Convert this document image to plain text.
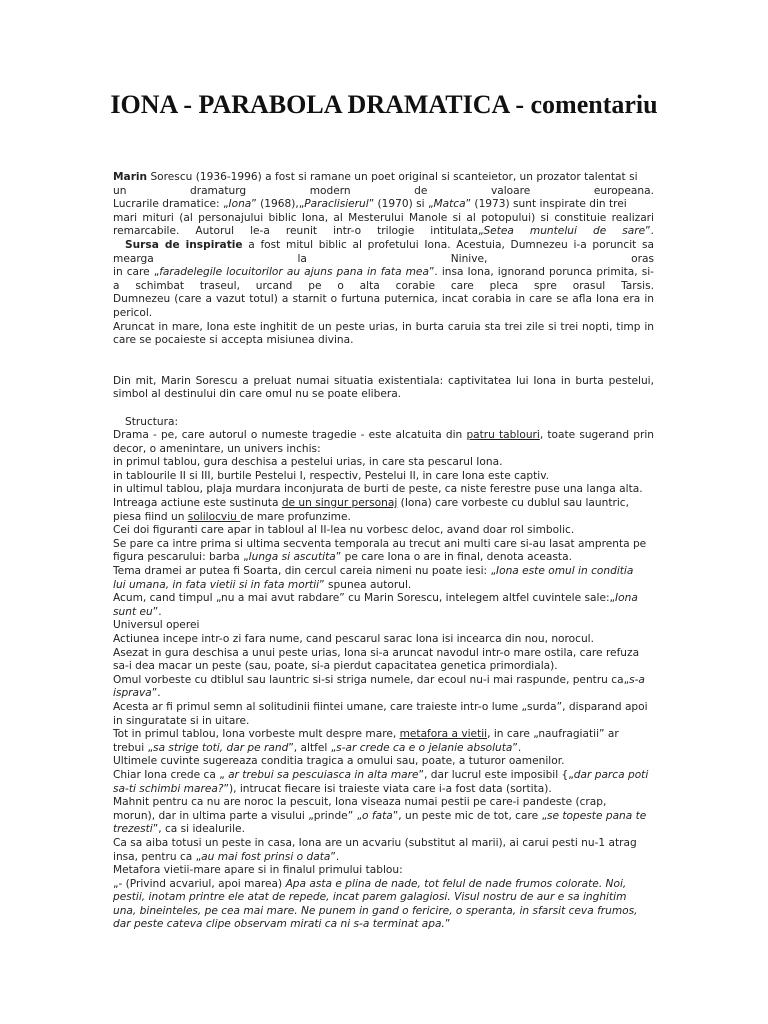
IONA - PARABOLA DRAMATICA - comentariu

Marin Sorescu (1936-1996) a fost si ramane un poet original si scanteietor, un prozator talentat si

un dramaturg modern de valoare europeana.

Lucrarile dramatice: „Iona” (1968),„Paraclisierul” (1970) si „Matca” (1973) sunt inspirate din trei

mari mituri (al personajului biblic Iona, al Mesterului Manole si al potopului) si constituie realizari

remarcabile. Autorul le-a reunit intr-o trilogie intitulata„Setea muntelui de sare”.

Sursa de inspiratie a fost mitul biblic al profetului Iona. Acestuia, Dumnezeu i-a poruncit sa

mearga la Ninive, oras

in care „faradelegile locuitorilor au ajuns pana in fata mea”. insa Iona, ignorand porunca primita, si-

a schimbat traseul, urcand pe o alta corabie care pleca spre orasul Tarsis.

Dumnezeu (care a vazut totul) a starnit o furtuna puternica, incat corabia in care se afla Iona era in

pericol.

Aruncat in mare, Iona este inghitit de un peste urias, in burta caruia sta trei zile si trei nopti, timp in

care se pocaieste si accepta misiunea divina.

Din mit, Marin Sorescu a preluat numai situatia existentiala: captivitatea lui Iona in burta pestelui,

simbol al destinului din care omul nu se poate elibera.

Structura:

Drama - pe, care autorul o numeste tragedie - este alcatuita din patru tablouri, toate sugerand prin

decor, o amenintare, un univers inchis:

in primul tablou, gura deschisa a pestelui urias, in care sta pescarul Iona.

in tablourile II si III, burtile Pestelui I, respectiv, Pestelui II, in care Iona este captiv.

in ultimul tablou, plaja murdara inconjurata de burti de peste, ca niste ferestre puse una langa alta.

Intreaga actiune este sustinuta de un singur personaj (Iona) care vorbeste cu dublul sau launtric,

piesa fiind un solilocviu de mare profunzime.

Cei doi figuranti care apar in tabloul al II-lea nu vorbesc deloc, avand doar rol simbolic.

Se pare ca intre prima si ultima secventa temporala au trecut ani multi care si-au lasat amprenta pe

figura pescarului: barba „lunga si ascutita” pe care Iona o are in final, denota aceasta.

Tema dramei ar putea fi Soarta, din cercul careia nimeni nu poate iesi: „Iona este omul in conditia

lui umana, in fata vietii si in fata mortii” spunea autorul.

Acum, cand timpul „nu a mai avut rabdare” cu Marin Sorescu, intelegem altfel cuvintele sale:„Iona

sunt eu”.

Universul operei

Actiunea incepe intr-o zi fara nume, cand pescarul sarac Iona isi incearca din nou, norocul.

Asezat in gura deschisa a unui peste urias, Iona si-a aruncat navodul intr-o mare ostila, care refuza

sa-i dea macar un peste (sau, poate, si-a pierdut capacitatea genetica primordiala).

Omul vorbeste cu dtiblul sau launtric si-si striga numele, dar ecoul nu-i mai raspunde, pentru ca„s-a

isprava”.

Acesta ar fi primul semn al solitudinii fiintei umane, care traieste intr-o lume „surda”, disparand apoi

in singuratate si in uitare.

Tot in primul tablou, Iona vorbeste mult despre mare, metafora a vietii, in care „naufragiatii” ar

trebui „sa strige toti, dar pe rand”, altfel „s-ar crede ca e o jelanie absoluta”.

Ultimele cuvinte sugereaza conditia tragica a omului sau, poate, a tuturor oamenilor.

Chiar Iona crede ca „ ar trebui sa pescuiasca in alta mare”, dar lucrul este imposibil {„dar parca poti

sa-ti schimbi marea?”), intrucat fiecare isi traieste viata care i-a fost data (sortita).

Mahnit pentru ca nu are noroc la pescuit, Iona viseaza numai pestii pe care-i pandeste (crap,

morun), dar in ultima parte a visului „prinde” „o fata”, un peste mic de tot, care „se topeste pana te

trezesti”, ca si idealurile.

Ca sa aiba totusi un peste in casa, Iona are un acvariu (substitut al marii), ai carui pesti nu-1 atrag

insa, pentru ca „au mai fost prinsi o data”.

Metafora vietii-mare apare si in finalul primului tablou:

„- (Privind acvariul, apoi marea) Apa asta e plina de nade, tot felul de nade frumos colorate. Noi,

pestii, inotam printre ele atat de repede, incat parem galagiosi. Visul nostru de aur e sa inghitim

una, bineinteles, pe cea mai mare. Ne punem in gand o fericire, o speranta, in sfarsit ceva frumos,

dar peste cateva clipe observam mirati ca ni s-a terminat apa.”
